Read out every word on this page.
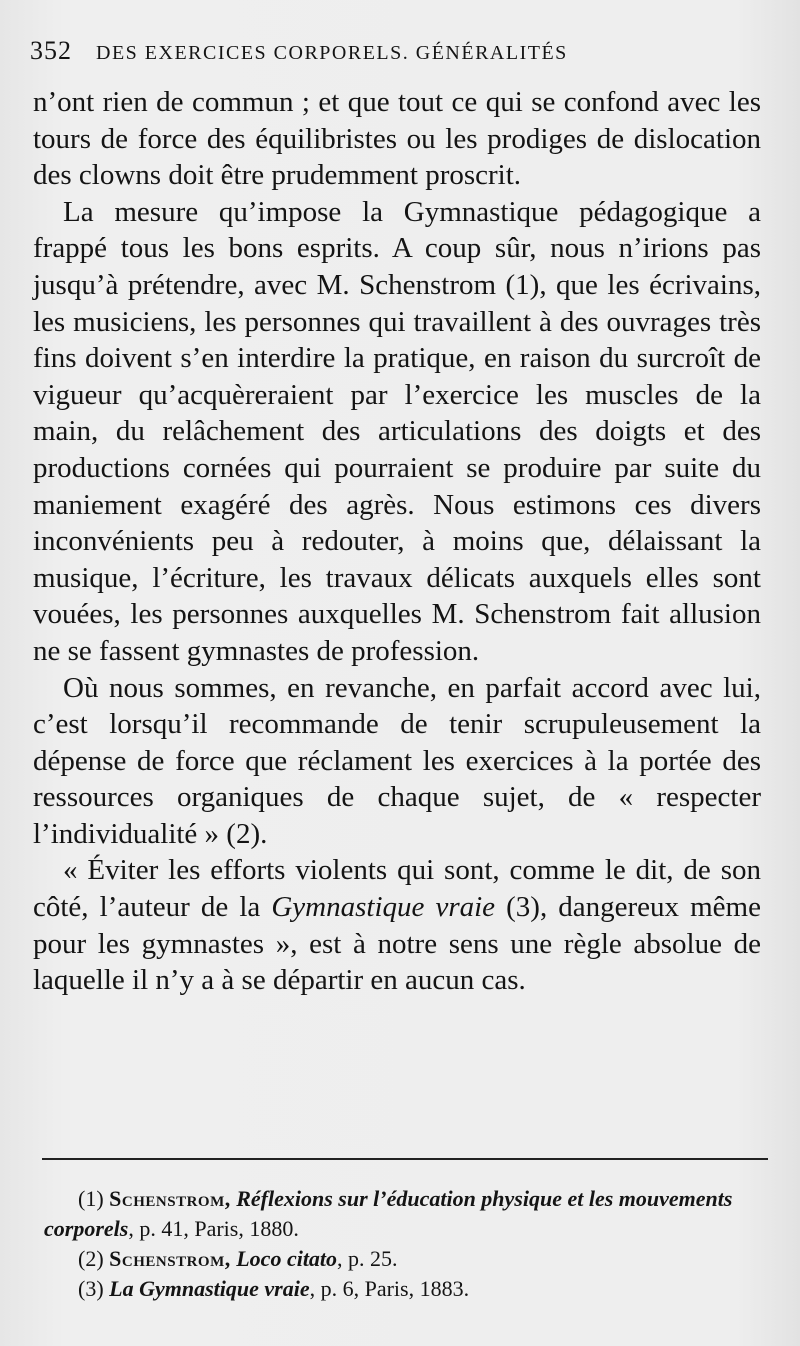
352 DES EXERCICES CORPORELS. GÉNÉRALITÉS

n’ont rien de commun ; et que tout ce qui se confond avec les tours de force des équilibristes ou les prodiges de dislocation des clowns doit être prudemment proscrit.

La mesure qu’impose la Gymnastique pédagogique a frappé tous les bons esprits. A coup sûr, nous n’irions pas jusqu’à prétendre, avec M. Schenstrom (1), que les écrivains, les musiciens, les personnes qui travaillent à des ouvrages très fins doivent s’en interdire la pratique, en raison du surcroît de vigueur qu’acquèreraient par l’exercice les muscles de la main, du relâchement des articulations des doigts et des productions cornées qui pourraient se produire par suite du maniement exagéré des agrès. Nous estimons ces divers inconvénients peu à redouter, à moins que, délaissant la musique, l’écriture, les travaux délicats auxquels elles sont vouées, les personnes auxquelles M. Schenstrom fait allusion ne se fassent gymnastes de profession.

Où nous sommes, en revanche, en parfait accord avec lui, c’est lorsqu’il recommande de tenir scrupuleusement la dépense de force que réclament les exercices à la portée des ressources organiques de chaque sujet, de « respecter l’individualité » (2).

« Éviter les efforts violents qui sont, comme le dit, de son côté, l’auteur de la Gymnastique vraie (3), dangereux même pour les gymnastes », est à notre sens une règle absolue de laquelle il n’y a à se départir en aucun cas.

(1) Schenstrom, Réflexions sur l’éducation physique et les mouvements corporels, p. 41, Paris, 1880.

(2) Schenstrom, Loco citato, p. 25.

(3) La Gymnastique vraie, p. 6, Paris, 1883.
